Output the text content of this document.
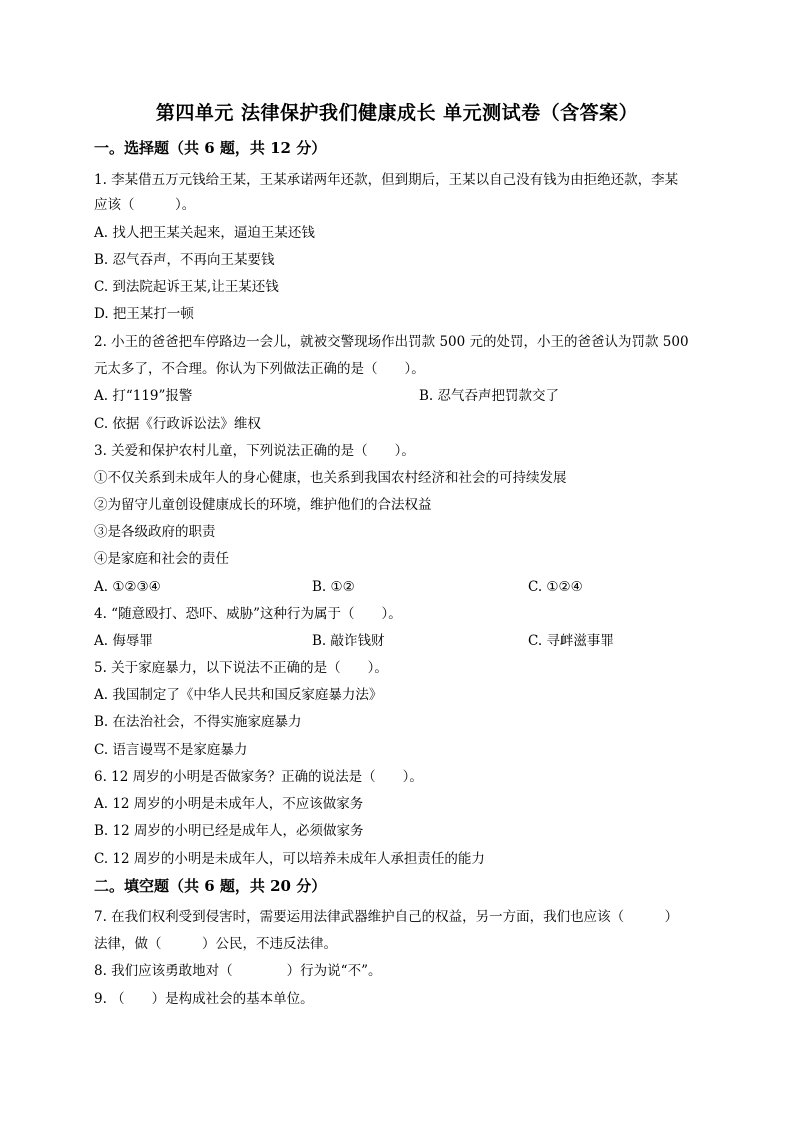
第四单元 法律保护我们健康成长 单元测试卷（含答案）
一。选择题（共 6 题，共 12 分）
1. 李某借五万元钱给王某，王某承诺两年还款，但到期后，王某以自己没有钱为由拒绝还款，李某
应该（　　　）。
A. 找人把王某关起来，逼迫王某还钱
B. 忍气吞声，不再向王某要钱
C. 到法院起诉王某,让王某还钱
D. 把王某打一顿
2. 小王的爸爸把车停路边一会儿，就被交警现场作出罚款 500 元的处罚，小王的爸爸认为罚款 500
元太多了，不合理。你认为下列做法正确的是（　　）。
A. 打“119”报警	B. 忍气吞声把罚款交了
C. 依据《行政诉讼法》维权
3. 关爱和保护农村儿童，下列说法正确的是（　　）。
①不仅关系到未成年人的身心健康，也关系到我国农村经济和社会的可持续发展
②为留守儿童创设健康成长的环境，维护他们的合法权益
③是各级政府的职责
④是家庭和社会的责任
A. ①②③④	B. ①②	C. ①②④
4. “随意殴打、恐吓、威胁”这种行为属于（　　）。
A. 侮辱罪	B. 敲诈钱财	C. 寻衅滋事罪
5. 关于家庭暴力，以下说法不正确的是（　　）。
A. 我国制定了《中华人民共和国反家庭暴力法》
B. 在法治社会，不得实施家庭暴力
C. 语言谩骂不是家庭暴力
6. 12 周岁的小明是否做家务？正确的说法是（　　）。
A. 12 周岁的小明是未成年人，不应该做家务
B. 12 周岁的小明已经是成年人，必须做家务
C. 12 周岁的小明是未成年人，可以培养未成年人承担责任的能力
二。填空题（共 6 题，共 20 分）
7. 在我们权利受到侵害时，需要运用法律武器维护自己的权益，另一方面，我们也应该（　　　）
法律，做（　　　）公民，不违反法律。
8. 我们应该勇敢地对（　　　　）行为说“不”。
9. （　　）是构成社会的基本单位。
